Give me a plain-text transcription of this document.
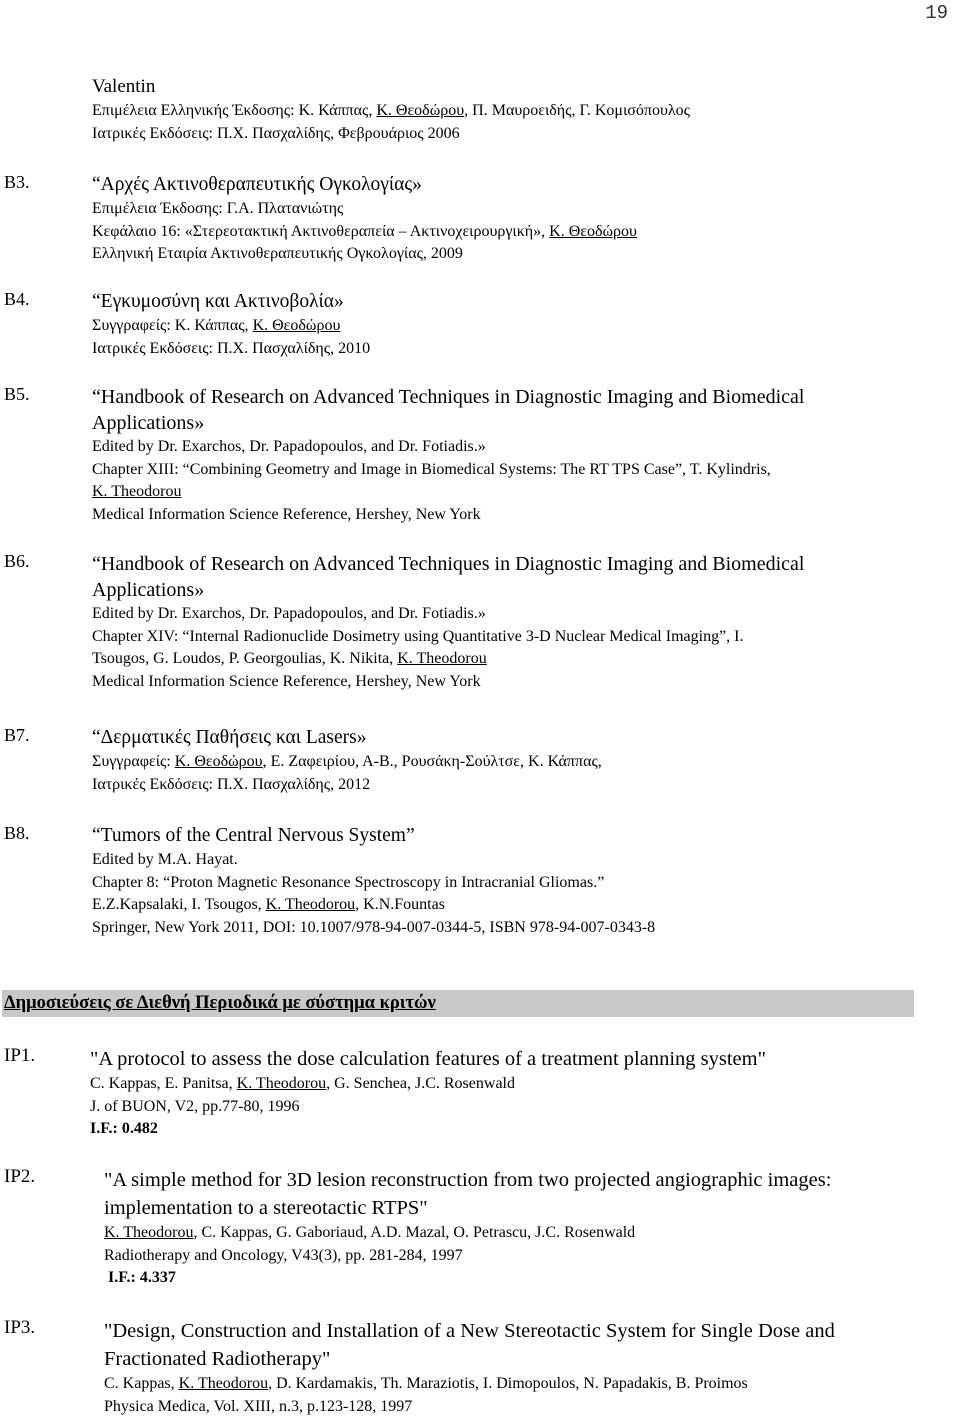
19
Valentin
Επιμέλεια Ελληνικής Έκδοσης: Κ. Κάππας, Κ. Θεοδώρου, Π. Μαυροειδής, Γ. Κομισόπουλος
Ιατρικές Εκδόσεις: Π.Χ. Πασχαλίδης, Φεβρουάριος 2006
B3.	“Αρχές Ακτινοθεραπευτικής Ογκολογίας»
Επιμέλεια Έκδοσης: Γ.Α. Πλατανιώτης
Κεφάλαιο 16: «Στερεοτακτική Ακτινοθεραπεία – Ακτινοχειρουργική», Κ. Θεοδώρου
Ελληνική Εταιρία Ακτινοθεραπευτικής Ογκολογίας, 2009
B4.	“Εγκυμοσύνη και Ακτινοβολία»
Συγγραφείς: Κ. Κάππας, Κ. Θεοδώρου
Ιατρικές Εκδόσεις: Π.Χ. Πασχαλίδης, 2010
B5.	“Handbook of Research on Advanced Techniques in Diagnostic Imaging and Biomedical
Applications»
Edited by Dr. Exarchos, Dr. Papadopoulos, and Dr. Fotiadis.»
Chapter XIII: “Combining Geometry and Image in Biomedical Systems: The RT TPS Case”, T. Kylindris,
K. Theodorou
Medical Information Science Reference, Hershey, New York
B6.	“Handbook of Research on Advanced Techniques in Diagnostic Imaging and Biomedical
Applications»
Edited by Dr. Exarchos, Dr. Papadopoulos, and Dr. Fotiadis.»
Chapter XIV: “Internal Radionuclide Dosimetry using Quantitative 3-D Nuclear Medical Imaging”, I.
Tsougos, G. Loudos, P. Georgoulias, K. Nikita, K. Theodorou
Medical Information Science Reference, Hershey, New York
B7.	“Δερματικές Παθήσεις και Lasers»
Συγγραφείς: Κ. Θεοδώρου, Ε. Ζαφειρίου, Α-Β., Ρουσάκη-Σούλτσε, Κ. Κάππας,
Ιατρικές Εκδόσεις: Π.Χ. Πασχαλίδης, 2012
B8.	“Tumors of the Central Nervous System”
Edited by M.A. Hayat.
Chapter 8: “Proton Magnetic Resonance Spectroscopy in Intracranial Gliomas.”
E.Z.Kapsalaki, I. Tsougos, K. Theodorou, K.N.Fountas
Springer, New York 2011, DOI: 10.1007/978-94-007-0344-5, ISBN 978-94-007-0343-8
Δημοσιεύσεις σε Διεθνή Περιοδικά με σύστημα κριτών
IP1.	"A protocol to assess the dose calculation features of a treatment planning system"
C. Kappas, E. Panitsa, K. Theodorou, G. Senchea, J.C. Rosenwald
J. of BUON, V2, pp.77-80, 1996
I.F.: 0.482
IP2.	"A simple method for 3D lesion reconstruction from two projected angiographic images:
implementation to a stereotactic RTPS"
K. Theodorou, C. Kappas, G. Gaboriaud, A.D. Mazal, O. Petrascu, J.C. Rosenwald
Radiotherapy and Oncology, V43(3), pp. 281-284, 1997
I.F.: 4.337
IP3.	"Design, Construction and Installation of a New Stereotactic System for Single Dose and
Fractionated Radiotherapy"
C. Kappas, K. Theodorou, D. Kardamakis, Th. Maraziotis, I. Dimopoulos, N. Papadakis, B. Proimos
Physica Medica, Vol. XIII, n.3, p.123-128, 1997
